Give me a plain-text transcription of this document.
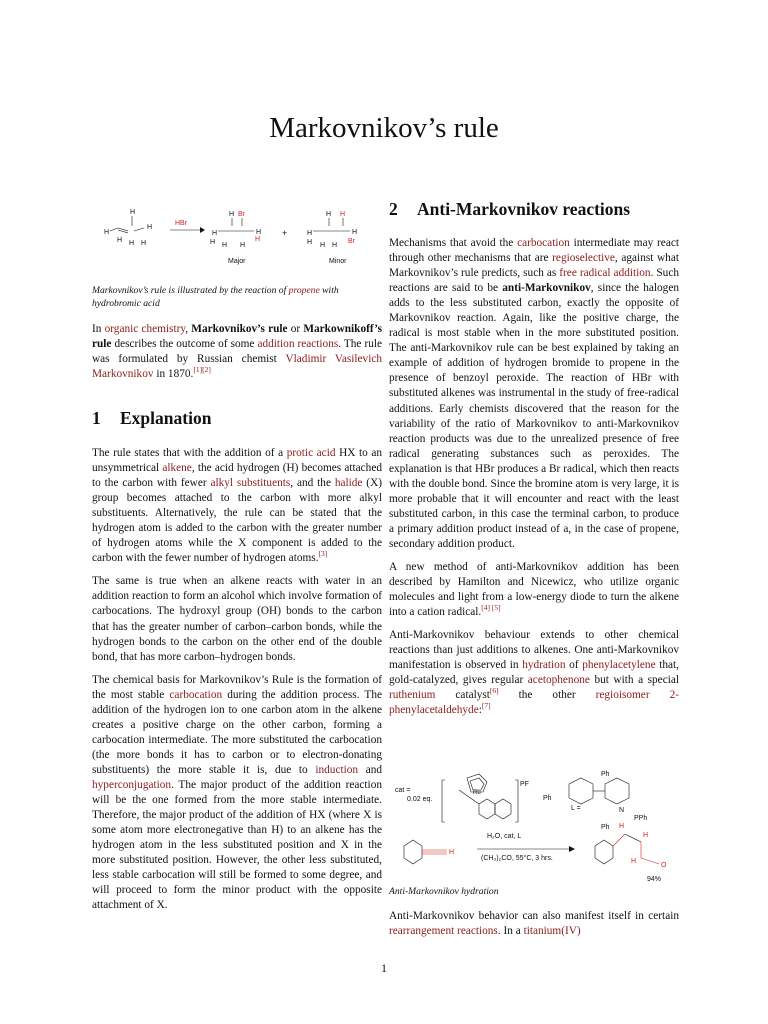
Markovnikov’s rule
H
H
H
H H H
HBr
H Br
H	H
H H H
H
Major
+
H H
H	H
H H H
Br
Minor
Markovnikov’s rule is illustrated by the reaction of propene with hydrobromic acid

In organic chemistry, Markovnikov’s rule or Markownikoff’s rule describes the outcome of some addition reactions. The rule was formulated by Russian chemist Vladimir Vasilevich Markovnikov in 1870.[1][2]

1 Explanation

The rule states that with the addition of a protic acid HX to an unsymmetrical alkene, the acid hydrogen (H) becomes attached to the carbon with fewer alkyl substituents, and the halide (X) group becomes attached to the carbon with more alkyl substituents. Alternatively, the rule can be stated that the hydrogen atom is added to the carbon with the greater number of hydrogen atoms while the X component is added to the carbon with the fewer number of hydrogen atoms.[3]

The same is true when an alkene reacts with water in an addition reaction to form an alcohol which involve formation of carbocations. The hydroxyl group (OH) bonds to the carbon that has the greater number of carbon–carbon bonds, while the hydrogen bonds to the carbon on the other end of the double bond, that has more carbon–hydrogen bonds.

The chemical basis for Markovnikov’s Rule is the formation of the most stable carbocation during the addition process. The addition of the hydrogen ion to one carbon atom in the alkene creates a positive charge on the other carbon, forming a carbocation intermediate. The more substituted the carbocation (the more bonds it has to carbon or to electron-donating substituents) the more stable it is, due to induction and hyperconjugation. The major product of the addition reaction will be the one formed from the more stable intermediate. Therefore, the major product of the addition of HX (where X is some atom more electronegative than H) to an alkene has the hydrogen atom in the less substituted position and X in the more substituted position. However, the other less substituted, less stable carbocation will still be formed to some degree, and will proceed to form the minor product with the opposite attachment of X.

2 Anti-Markovnikov reactions

Mechanisms that avoid the carbocation intermediate may react through other mechanisms that are regioselective, against what Markovnikov’s rule predicts, such as free radical addition. Such reactions are said to be anti-Markovnikov, since the halogen adds to the less substituted carbon, exactly the opposite of Markovnikov reaction. Again, like the positive charge, the radical is most stable when in the more substituted position. The anti-Markovnikov rule can be best explained by taking an example of addition of hydrogen bromide to propene in the presence of benzoyl peroxide. The reaction of HBr with substituted alkenes was instrumental in the study of free-radical additions. Early chemists discovered that the reason for the variability of the ratio of Markovnikov to anti-Markovnikov reaction products was due to the unrealized presence of free radical generating substances such as peroxides. The explanation is that HBr produces a Br radical, which then reacts with the double bond. Since the bromine atom is very large, it is more probable that it will encounter and react with the least substituted carbon, in this case the terminal carbon, to produce a primary addition product instead of a, in the case of propene, secondary addition product.

A new method of anti-Markovnikov addition has been described by Hamilton and Nicewicz, who utilize organic molecules and light from a low-energy diode to turn the alkene into a cation radical.[4] [5]

Anti-Markovnikov behaviour extends to other chemical reactions than just additions to alkenes. One anti-Markovnikov manifestation is observed in hydration of phenylacetylene that, gold-catalyzed, gives regular acetophenone but with a special ruthenium catalyst[6] the other regioisomer 2-phenylacetaldehyde:[7]

cat =
0.02 eq.
PF
Ru
Ph
L =
Ph
N
Ph
PPh
H
H₂O, cat, L
(CH₃)₂CO, 55°C, 3 hrs.
H
H
H
O
94%
Anti-Markovnikov hydration

Anti-Markovnikov behavior can also manifest itself in certain rearrangement reactions. In a titanium(IV)

1
